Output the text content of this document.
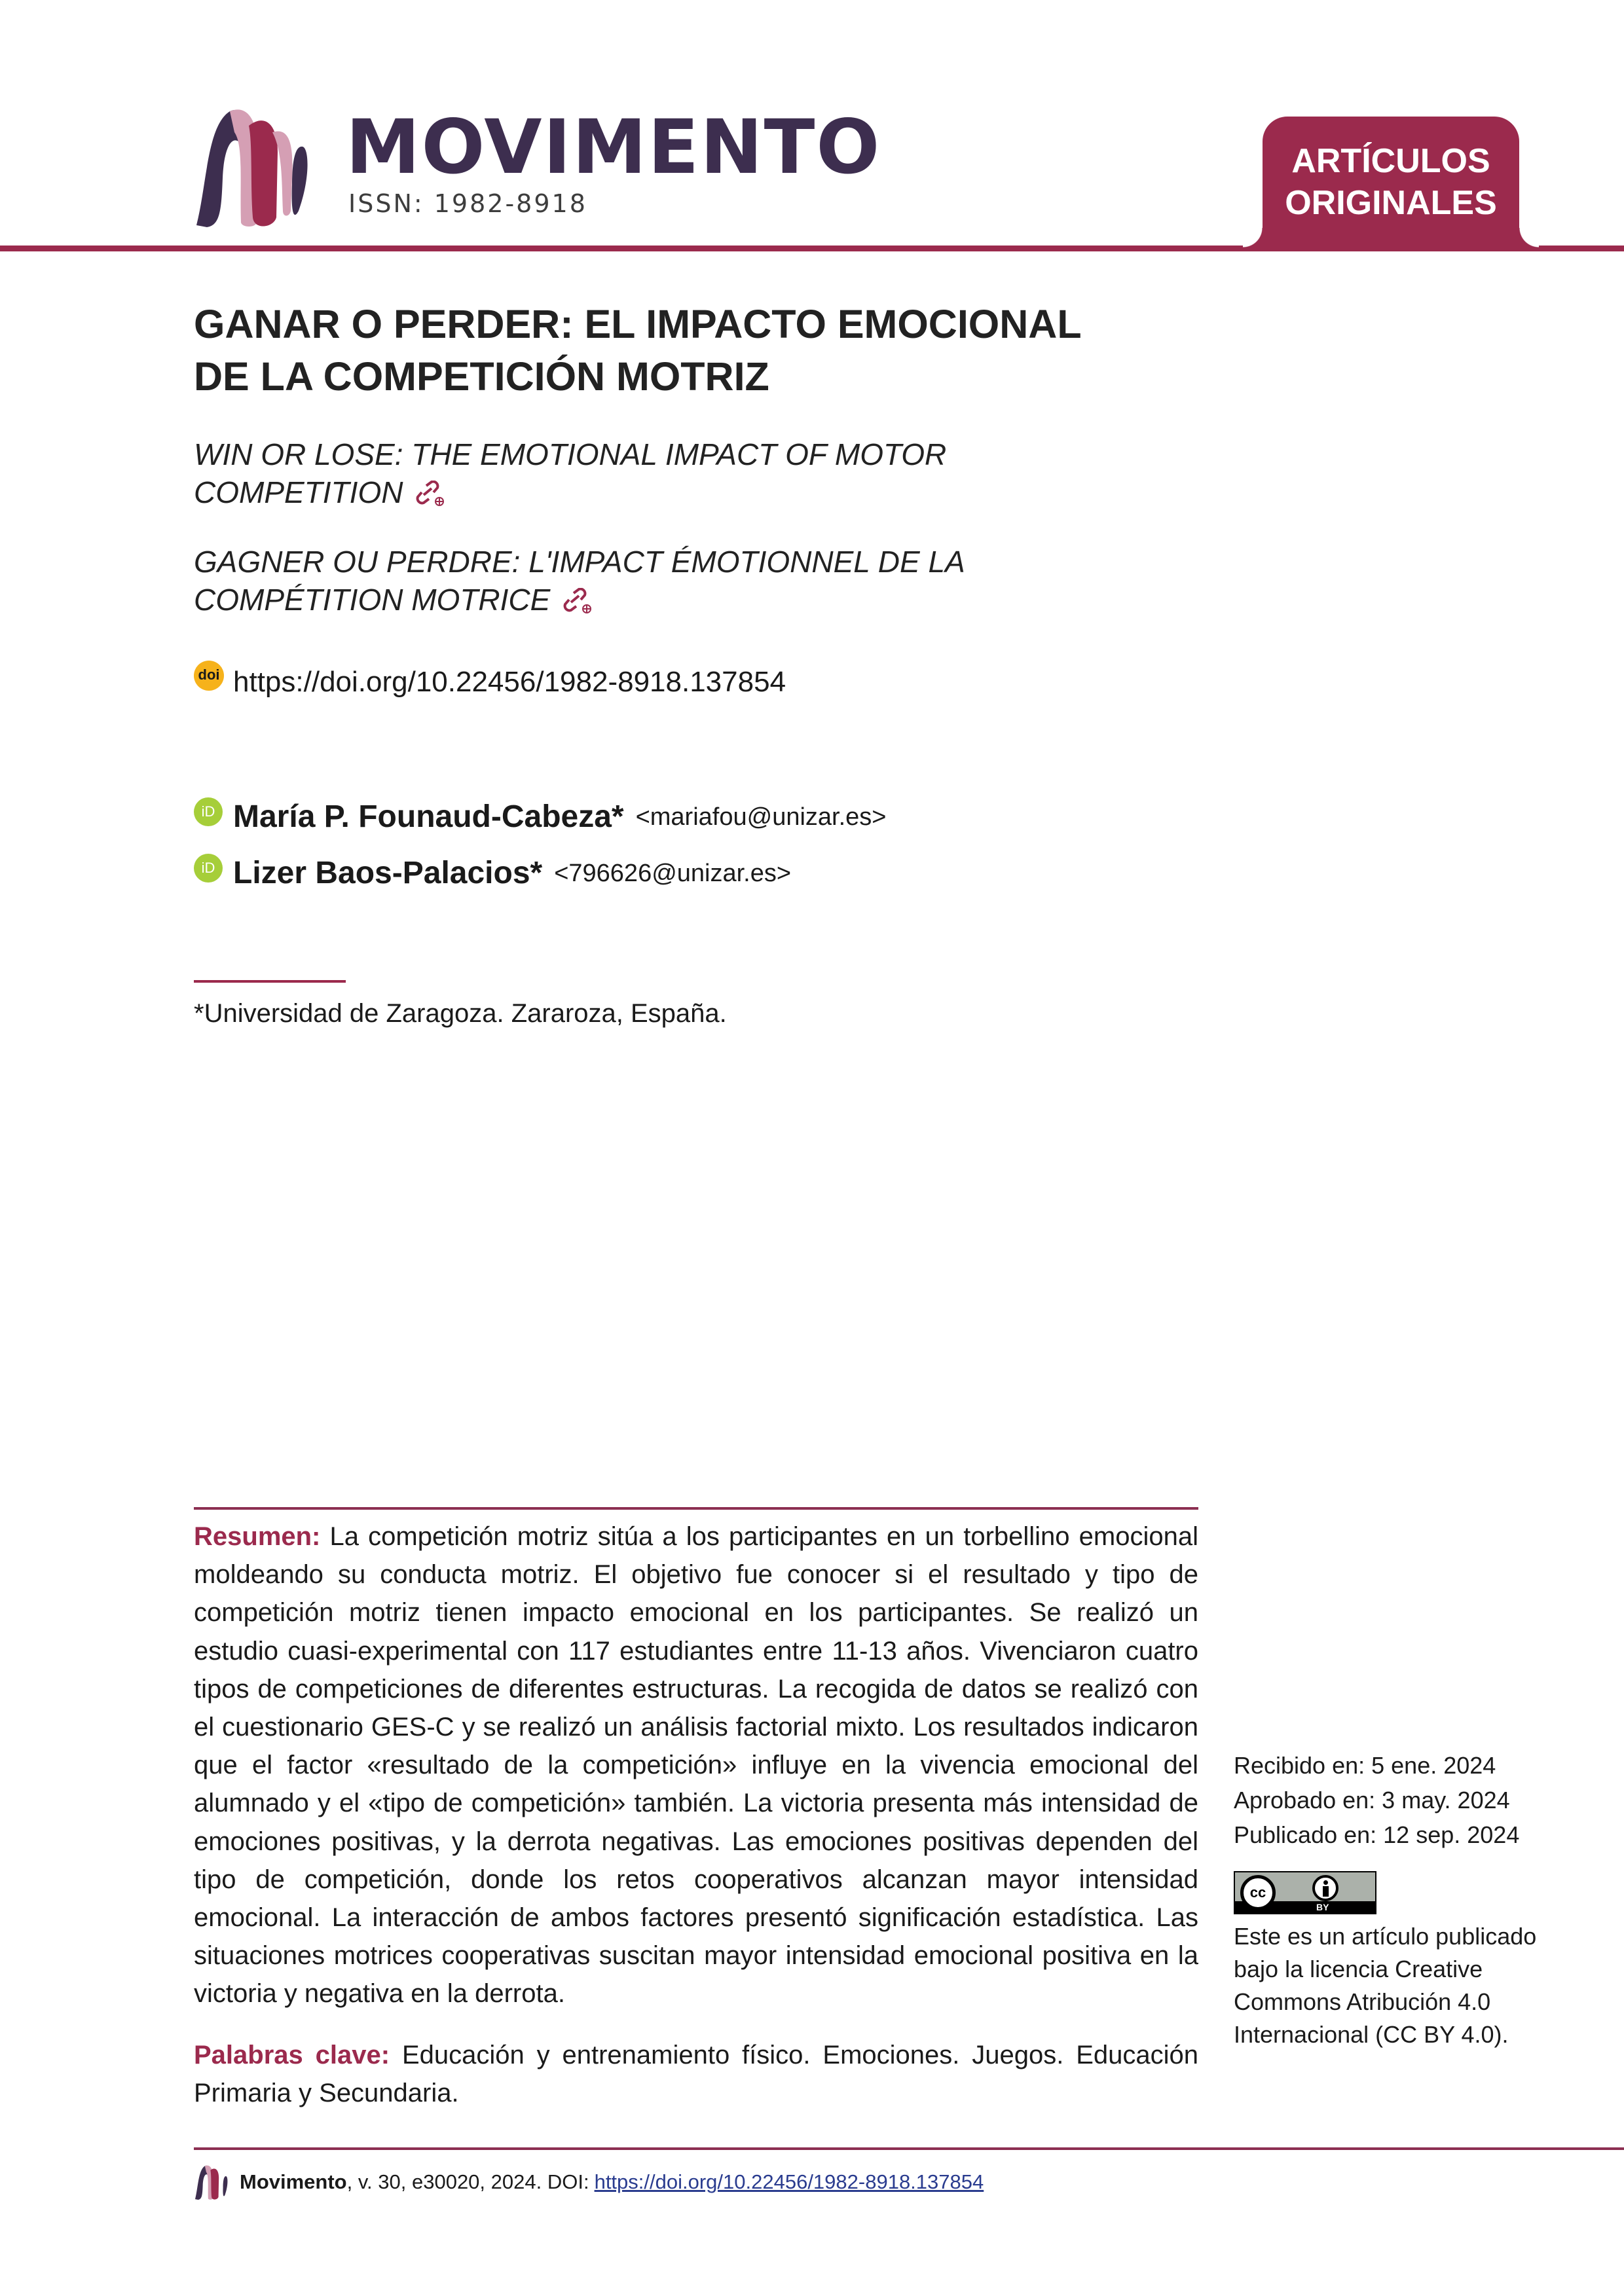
MOVIMENTO
ISSN: 1982-8918
ARTÍCULOS
ORIGINALES
GANAR O PERDER: EL IMPACTO EMOCIONAL
DE LA COMPETICIÓN MOTRIZ
WIN OR LOSE: THE EMOTIONAL IMPACT OF MOTOR
COMPETITION
GAGNER OU PERDRE: L'IMPACT ÉMOTIONNEL DE LA
COMPÉTITION MOTRICE
doi https://doi.org/10.22456/1982-8918.137854
iD María P. Founaud-Cabeza* <mariafou@unizar.es>
iD Lizer Baos-Palacios* <796626@unizar.es>
*Universidad de Zaragoza. Zararoza, España.
Resumen: La competición motriz sitúa a los participantes en un torbellino emocional moldeando su conducta motriz. El objetivo fue conocer si el resultado y tipo de competición motriz tienen impacto emocional en los participantes. Se realizó un estudio cuasi-experimental con 117 estudiantes entre 11-13 años. Vivenciaron cuatro tipos de competiciones de diferentes estructuras. La recogida de datos se realizó con el cuestionario GES-C y se realizó un análisis factorial mixto. Los resultados indicaron que el factor «resultado de la competición» influye en la vivencia emocional del alumnado y el «tipo de competición» también. La victoria presenta más intensidad de emociones positivas, y la derrota negativas. Las emociones positivas dependen del tipo de competición, donde los retos cooperativos alcanzan mayor intensidad emocional. La interacción de ambos factores presentó significación estadística. Las situaciones motrices cooperativas suscitan mayor intensidad emocional positiva en la victoria y negativa en la derrota.
Palabras clave: Educación y entrenamiento físico. Emociones. Juegos. Educación Primaria y Secundaria.
Recibido en: 5 ene. 2024
Aprobado en: 3 may. 2024
Publicado en: 12 sep. 2024
cc
BY
Este es un artículo publicado bajo la licencia Creative Commons Atribución 4.0 Internacional (CC BY 4.0).
Movimento , v. 30, e30020, 2024. DOI: https://doi.org/10.22456/1982-8918.137854
